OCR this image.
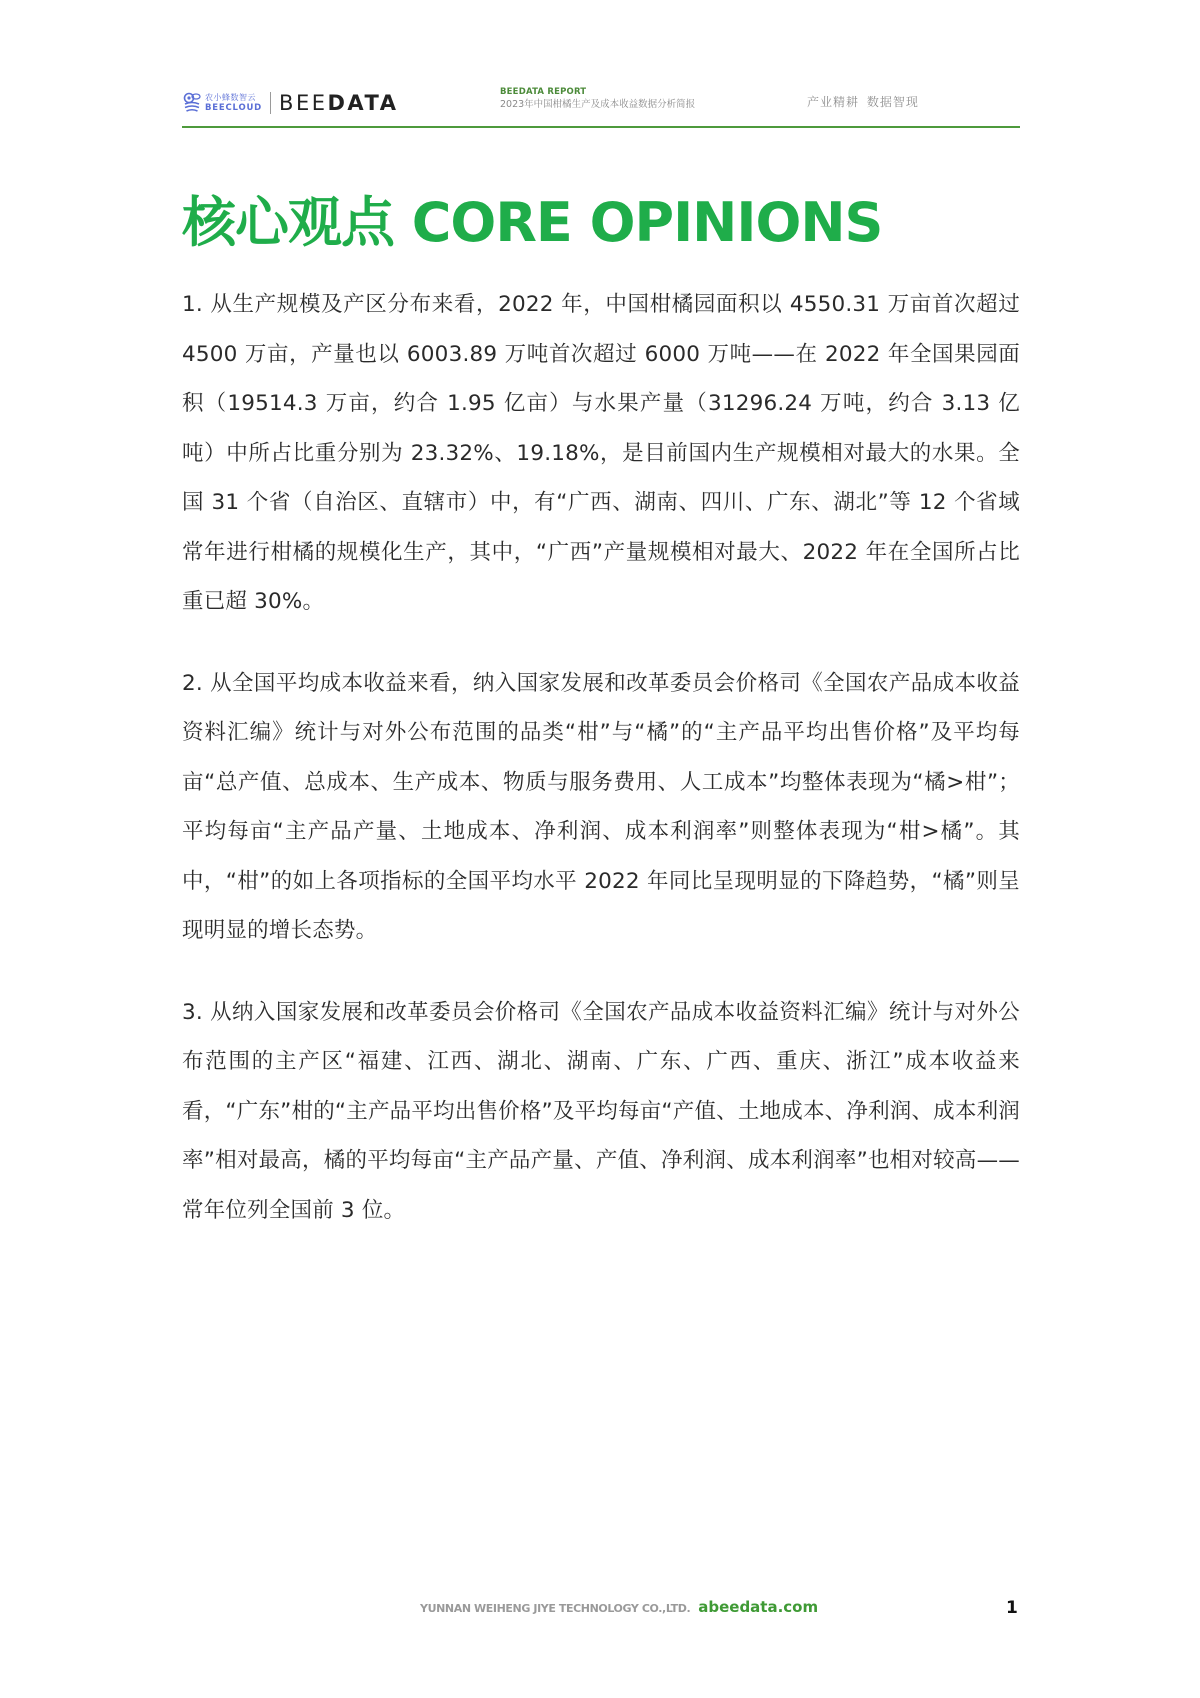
农小蜂数智云
BEECLOUD BEEDATA	BEEDATA REPORT
2023年中国柑橘生产及成本收益数据分析简报	产业精耕 数据智现
核心观点 CORE OPINIONS

1. 从生产规模及产区分布来看，2022 年，中国柑橘园面积以 4550.31 万亩首次超过 4500 万亩，产量也以 6003.89 万吨首次超过 6000 万吨——在 2022 年全国果园面积（19514.3 万亩，约合 1.95 亿亩）与水果产量（31296.24 万吨，约合 3.13 亿吨）中所占比重分别为 23.32%、19.18%，是目前国内生产规模相对最大的水果。全国 31 个省（自治区、直辖市）中，有“广西、湖南、四川、广东、湖北”等 12 个省域常年进行柑橘的规模化生产，其中，“广西”产量规模相对最大、2022 年在全国所占比重已超 30%。

2. 从全国平均成本收益来看，纳入国家发展和改革委员会价格司《全国农产品成本收益资料汇编》统计与对外公布范围的品类“柑”与“橘”的“主产品平均出售价格”及平均每亩“总产值、总成本、生产成本、物质与服务费用、人工成本”均整体表现为“橘>柑”；平均每亩“主产品产量、土地成本、净利润、成本利润率”则整体表现为“柑>橘”。其中，“柑”的如上各项指标的全国平均水平 2022 年同比呈现明显的下降趋势，“橘”则呈现明显的增长态势。

3. 从纳入国家发展和改革委员会价格司《全国农产品成本收益资料汇编》统计与对外公布范围的主产区“福建、江西、湖北、湖南、广东、广西、重庆、浙江”成本收益来看，“广东”柑的“主产品平均出售价格”及平均每亩“产值、土地成本、净利润、成本利润率”相对最高，橘的平均每亩“主产品产量、产值、净利润、成本利润率”也相对较高——常年位列全国前 3 位。

YUNNAN WEIHENG JIYE TECHNOLOGY CO.,LTD. abeedata.com	1
